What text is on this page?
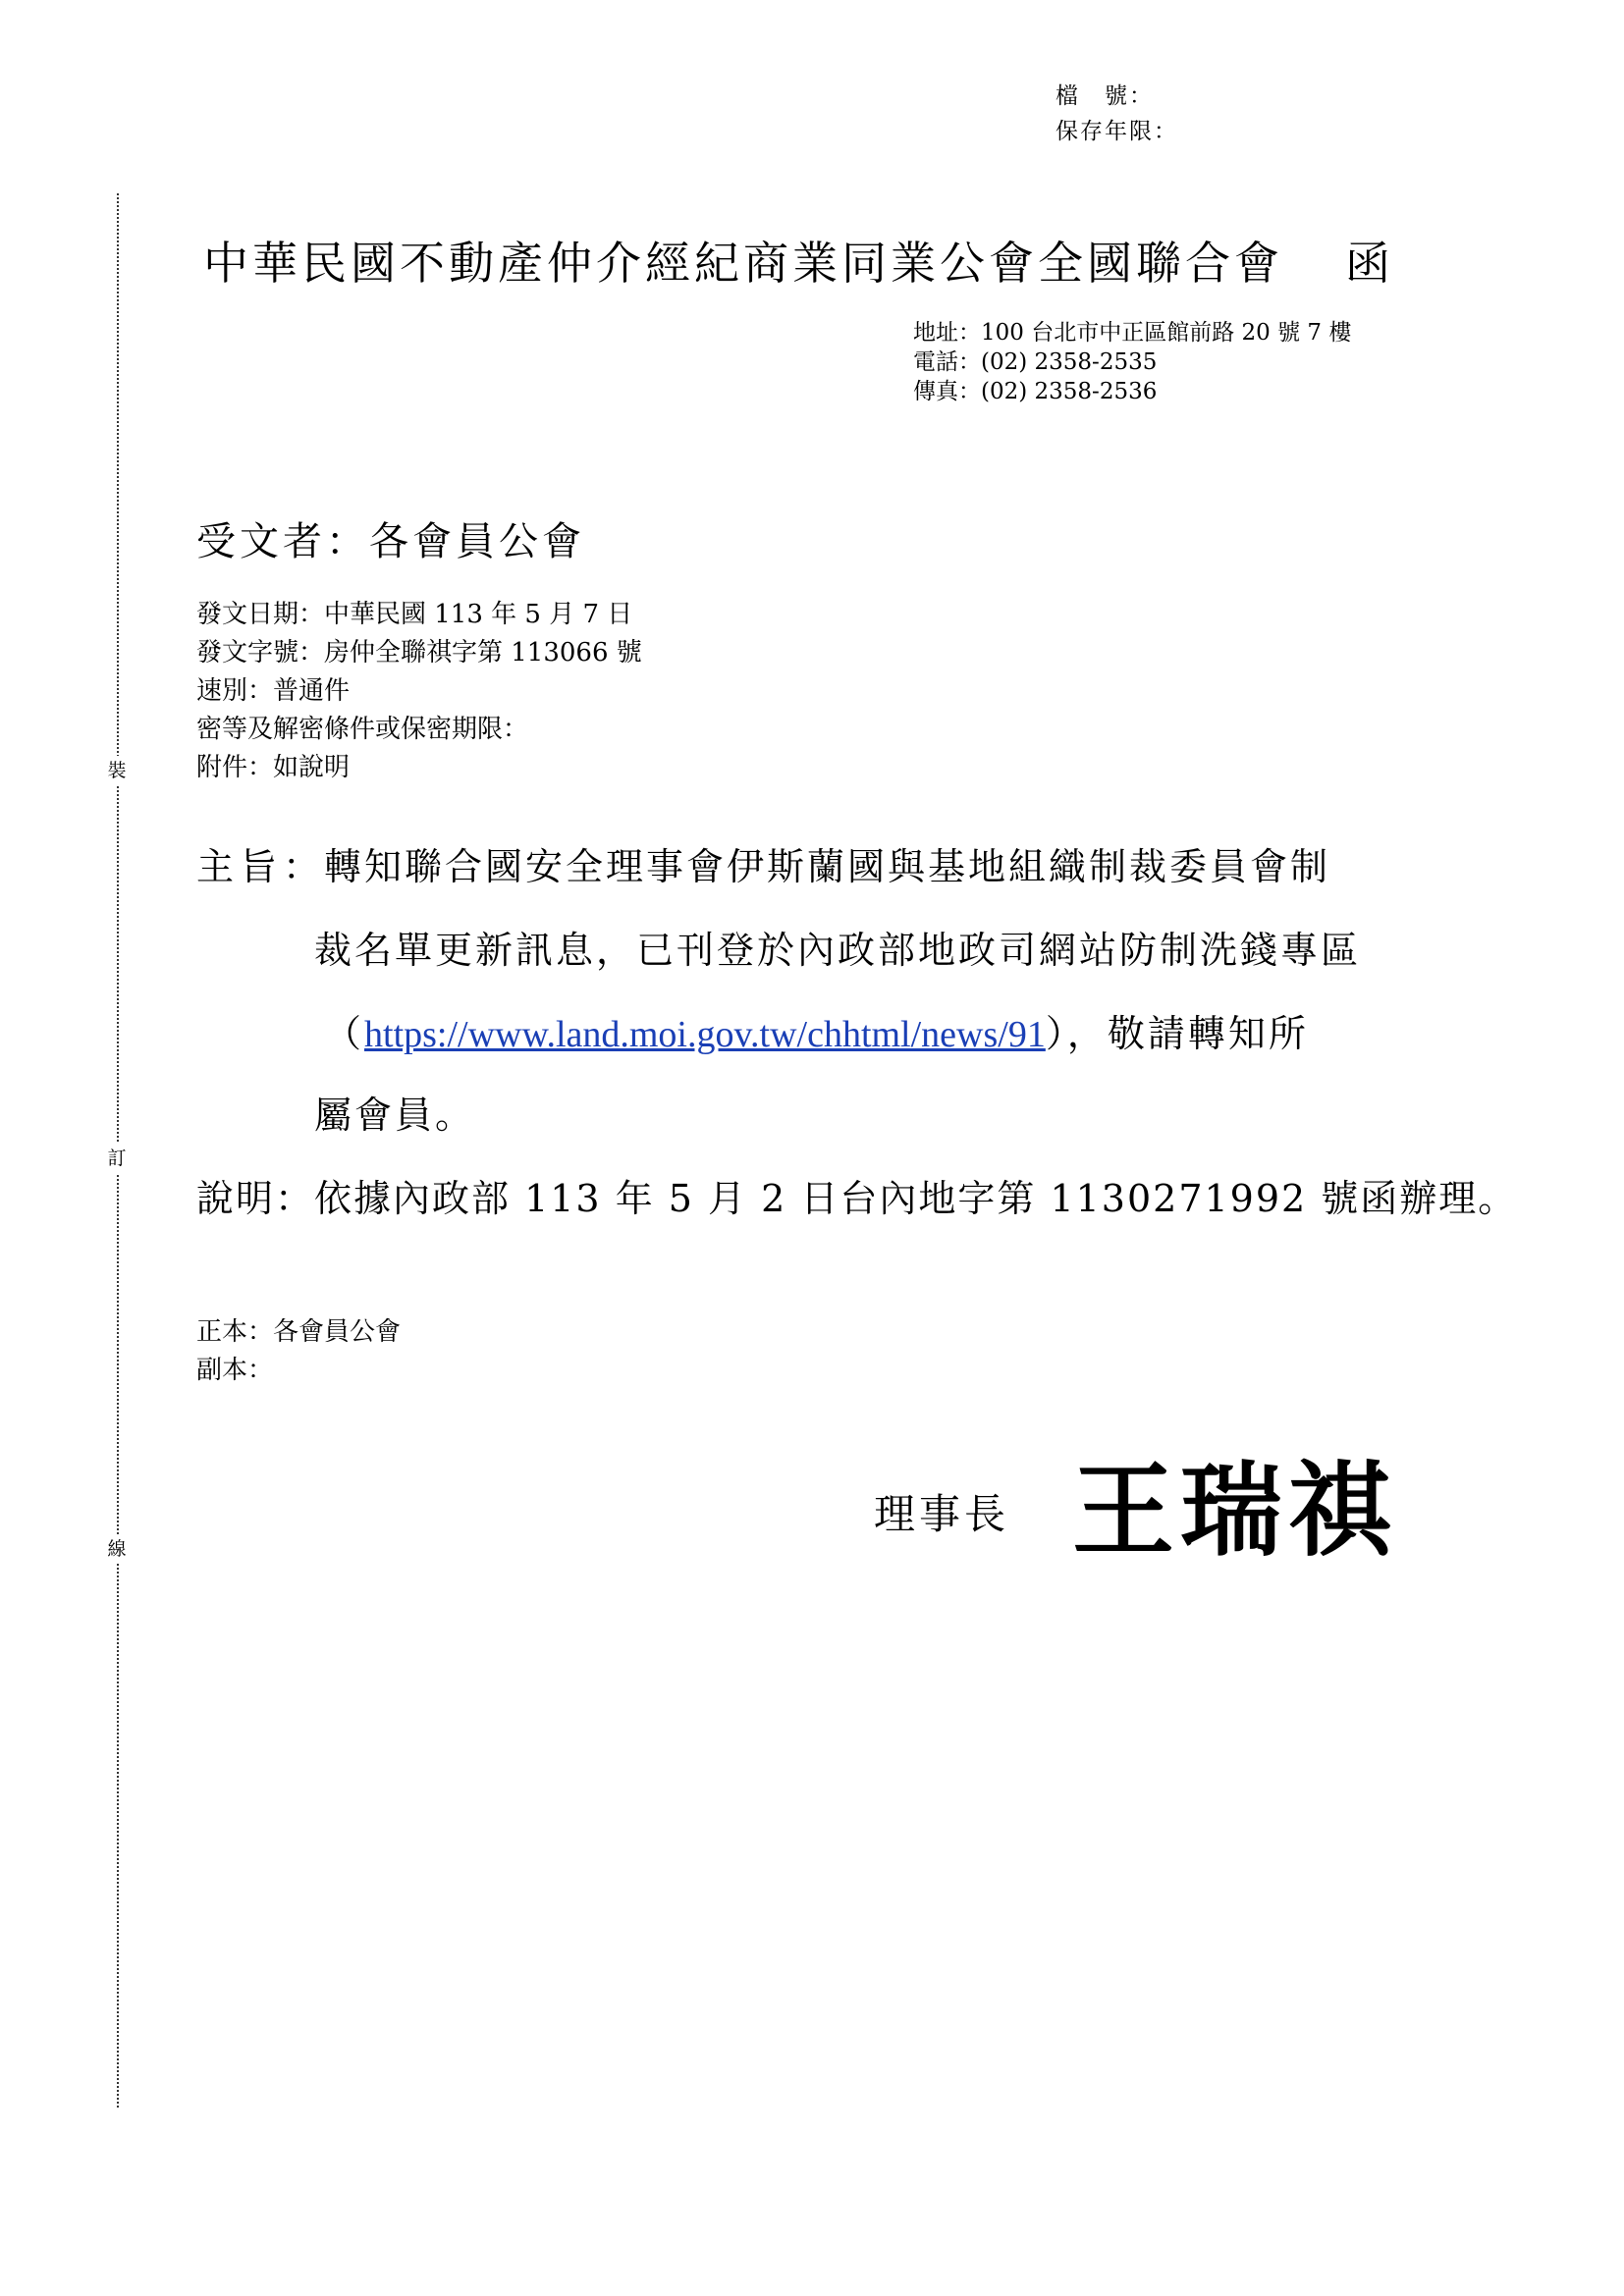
裝
訂
線
檔　號：
保存年限：
中華民國不動產仲介經紀商業同業公會全國聯合會 函
地址：100 台北市中正區館前路 20 號 7 樓
電話：(02) 2358-2535
傳真：(02) 2358-2536
受文者：各會員公會
發文日期：中華民國 113 年 5 月 7 日
發文字號：房仲全聯祺字第 113066 號
速別：普通件
密等及解密條件或保密期限：
附件：如說明
主旨：
轉知聯合國安全理事會伊斯蘭國與基地組織制裁委員會制
裁名單更新訊息，已刊登於內政部地政司網站防制洗錢專區
（https://www.land.moi.gov.tw/chhtml/news/91），敬請轉知所
屬會員。
說明：依據內政部 113 年 5 月 2 日台內地字第 1130271992 號函辦理。
正本：各會員公會
副本：
理事長 王瑞祺
